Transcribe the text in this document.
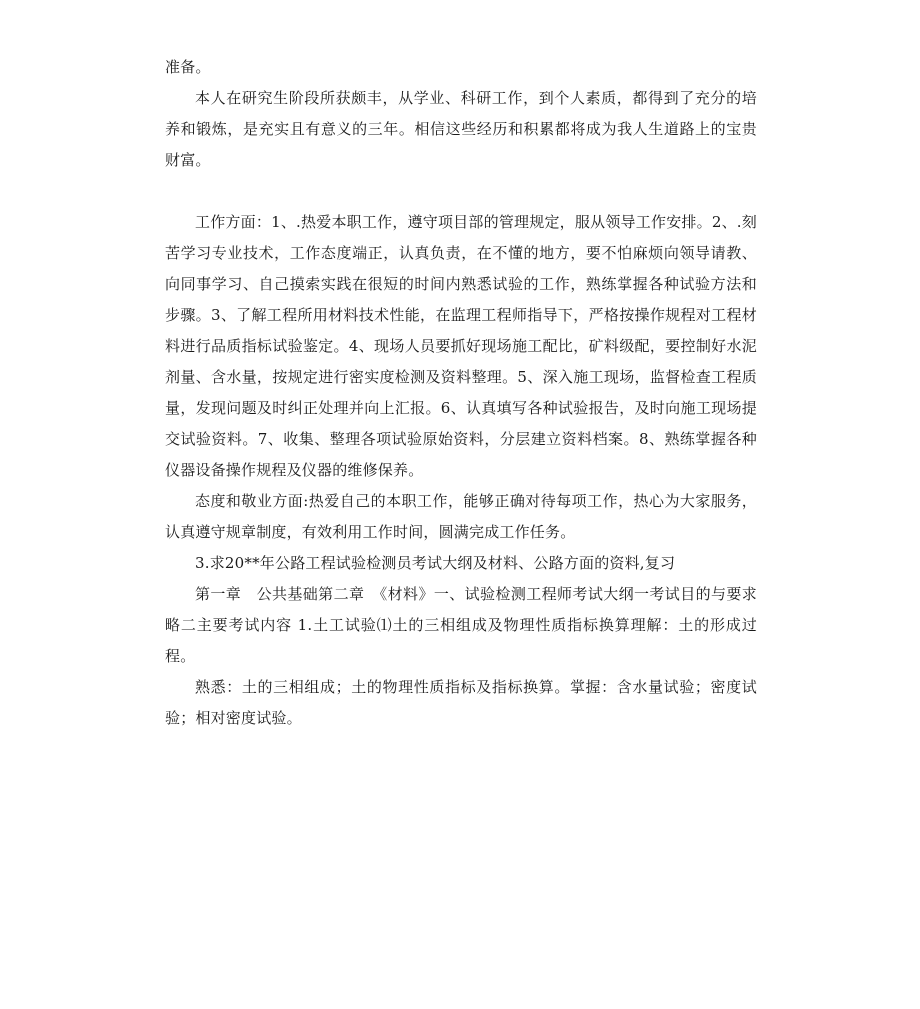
准备。

本人在研究生阶段所获颇丰，从学业、科研工作，到个人素质，都得到了充分的培养和锻炼，是充实且有意义的三年。相信这些经历和积累都将成为我人生道路上的宝贵财富。

工作方面：1、.热爱本职工作，遵守项目部的管理规定，服从领导工作安排。2、.刻苦学习专业技术，工作态度端正，认真负责，在不懂的地方，要不怕麻烦向领导请教、向同事学习、自己摸索实践在很短的时间内熟悉试验的工作，熟练掌握各种试验方法和步骤。3、了解工程所用材料技术性能，在监理工程师指导下，严格按操作规程对工程材料进行品质指标试验鉴定。4、现场人员要抓好现场施工配比，矿料级配，要控制好水泥剂量、含水量，按规定进行密实度检测及资料整理。5、深入施工现场，监督检查工程质量，发现问题及时纠正处理并向上汇报。6、认真填写各种试验报告，及时向施工现场提交试验资料。7、收集、整理各项试验原始资料，分层建立资料档案。8、熟练掌握各种仪器设备操作规程及仪器的维修保养。

态度和敬业方面:热爱自己的本职工作，能够正确对待每项工作，热心为大家服务，认真遵守规章制度，有效利用工作时间，圆满完成工作任务。

3.求20**年公路工程试验检测员考试大纲及材料、公路方面的资料,复习

第一章　公共基础第二章　《材料》一、试验检测工程师考试大纲一考试目的与要求　略二主要考试内容 1.土工试验⑴土的三相组成及物理性质指标换算理解：土的形成过程。

熟悉：土的三相组成；土的物理性质指标及指标换算。掌握：含水量试验；密度试验；相对密度试验。
